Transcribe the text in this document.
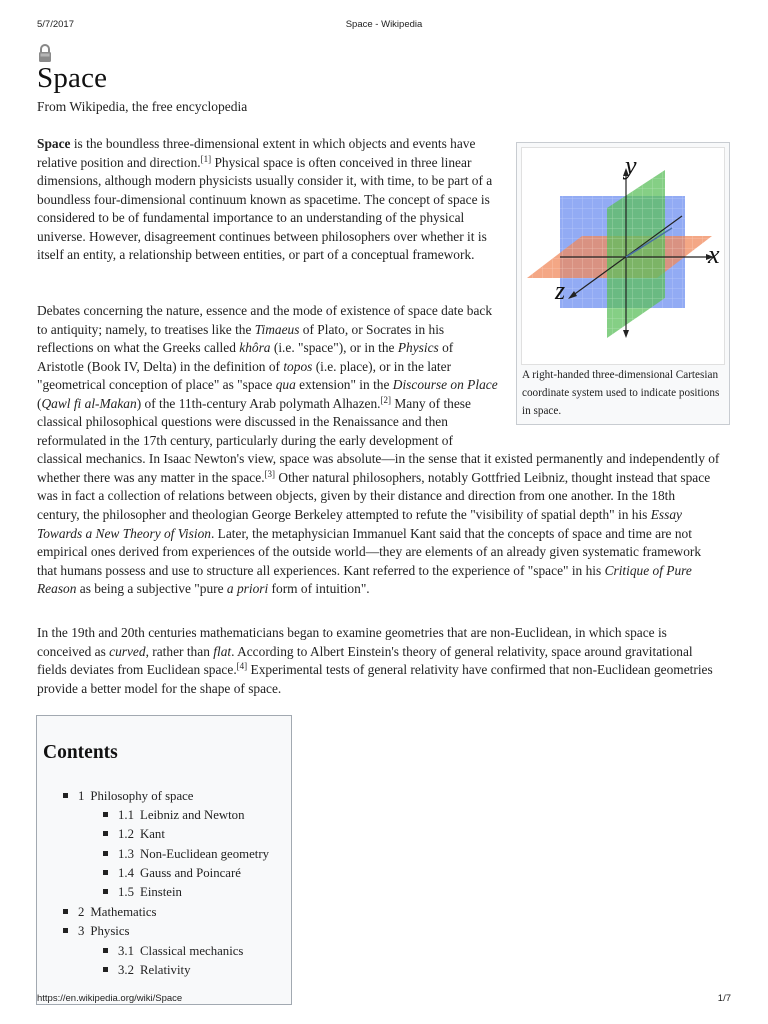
5/7/2017	Space - Wikipedia
Space
From Wikipedia, the free encyclopedia

Space is the boundless three-dimensional extent in which objects and events have relative position and direction.[1] Physical space is often conceived in three linear dimensions, although modern physicists usually consider it, with time, to be part of a boundless four-dimensional continuum known as spacetime. The concept of space is considered to be of fundamental importance to an understanding of the physical universe. However, disagreement continues between philosophers over whether it is itself an entity, a relationship between entities, or part of a conceptual framework.

Debates concerning the nature, essence and the mode of existence of space date back to antiquity; namely, to treatises like the Timaeus of Plato, or Socrates in his reflections on what the Greeks called khôra (i.e. "space"), or in the Physics of Aristotle (Book IV, Delta) in the definition of topos (i.e. place), or in the later "geometrical conception of place" as "space qua extension" in the Discourse on Place (Qawl fi al-Makan) of the 11th-century Arab polymath Alhazen.[2] Many of these classical philosophical questions were discussed in the Renaissance and then reformulated in the 17th century, particularly during the early development of classical mechanics. In Isaac Newton's view, space was absolute—in the sense that it existed permanently and independently of whether there was any matter in the space.[3] Other natural philosophers, notably Gottfried Leibniz, thought instead that space was in fact a collection of relations between objects, given by their distance and direction from one another. In the 18th century, the philosopher and theologian George Berkeley attempted to refute the "visibility of spatial depth" in his Essay Towards a New Theory of Vision. Later, the metaphysician Immanuel Kant said that the concepts of space and time are not empirical ones derived from experiences of the outside world—they are elements of an already given systematic framework that humans possess and use to structure all experiences. Kant referred to the experience of "space" in his Critique of Pure Reason as being a subjective "pure a priori form of intuition".

In the 19th and 20th centuries mathematicians began to examine geometries that are non-Euclidean, in which space is conceived as curved, rather than flat. According to Albert Einstein's theory of general relativity, space around gravitational fields deviates from Euclidean space.[4] Experimental tests of general relativity have confirmed that non-Euclidean geometries provide a better model for the shape of space.

y
x
z
A right-handed three-dimensional Cartesian coordinate system used to indicate positions in space.
Contents
1 Philosophy of space
1.1 Leibniz and Newton
1.2 Kant
1.3 Non-Euclidean geometry
1.4 Gauss and Poincaré
1.5 Einstein
2 Mathematics
3 Physics
3.1 Classical mechanics
3.2 Relativity
https://en.wikipedia.org/wiki/Space	1/7
